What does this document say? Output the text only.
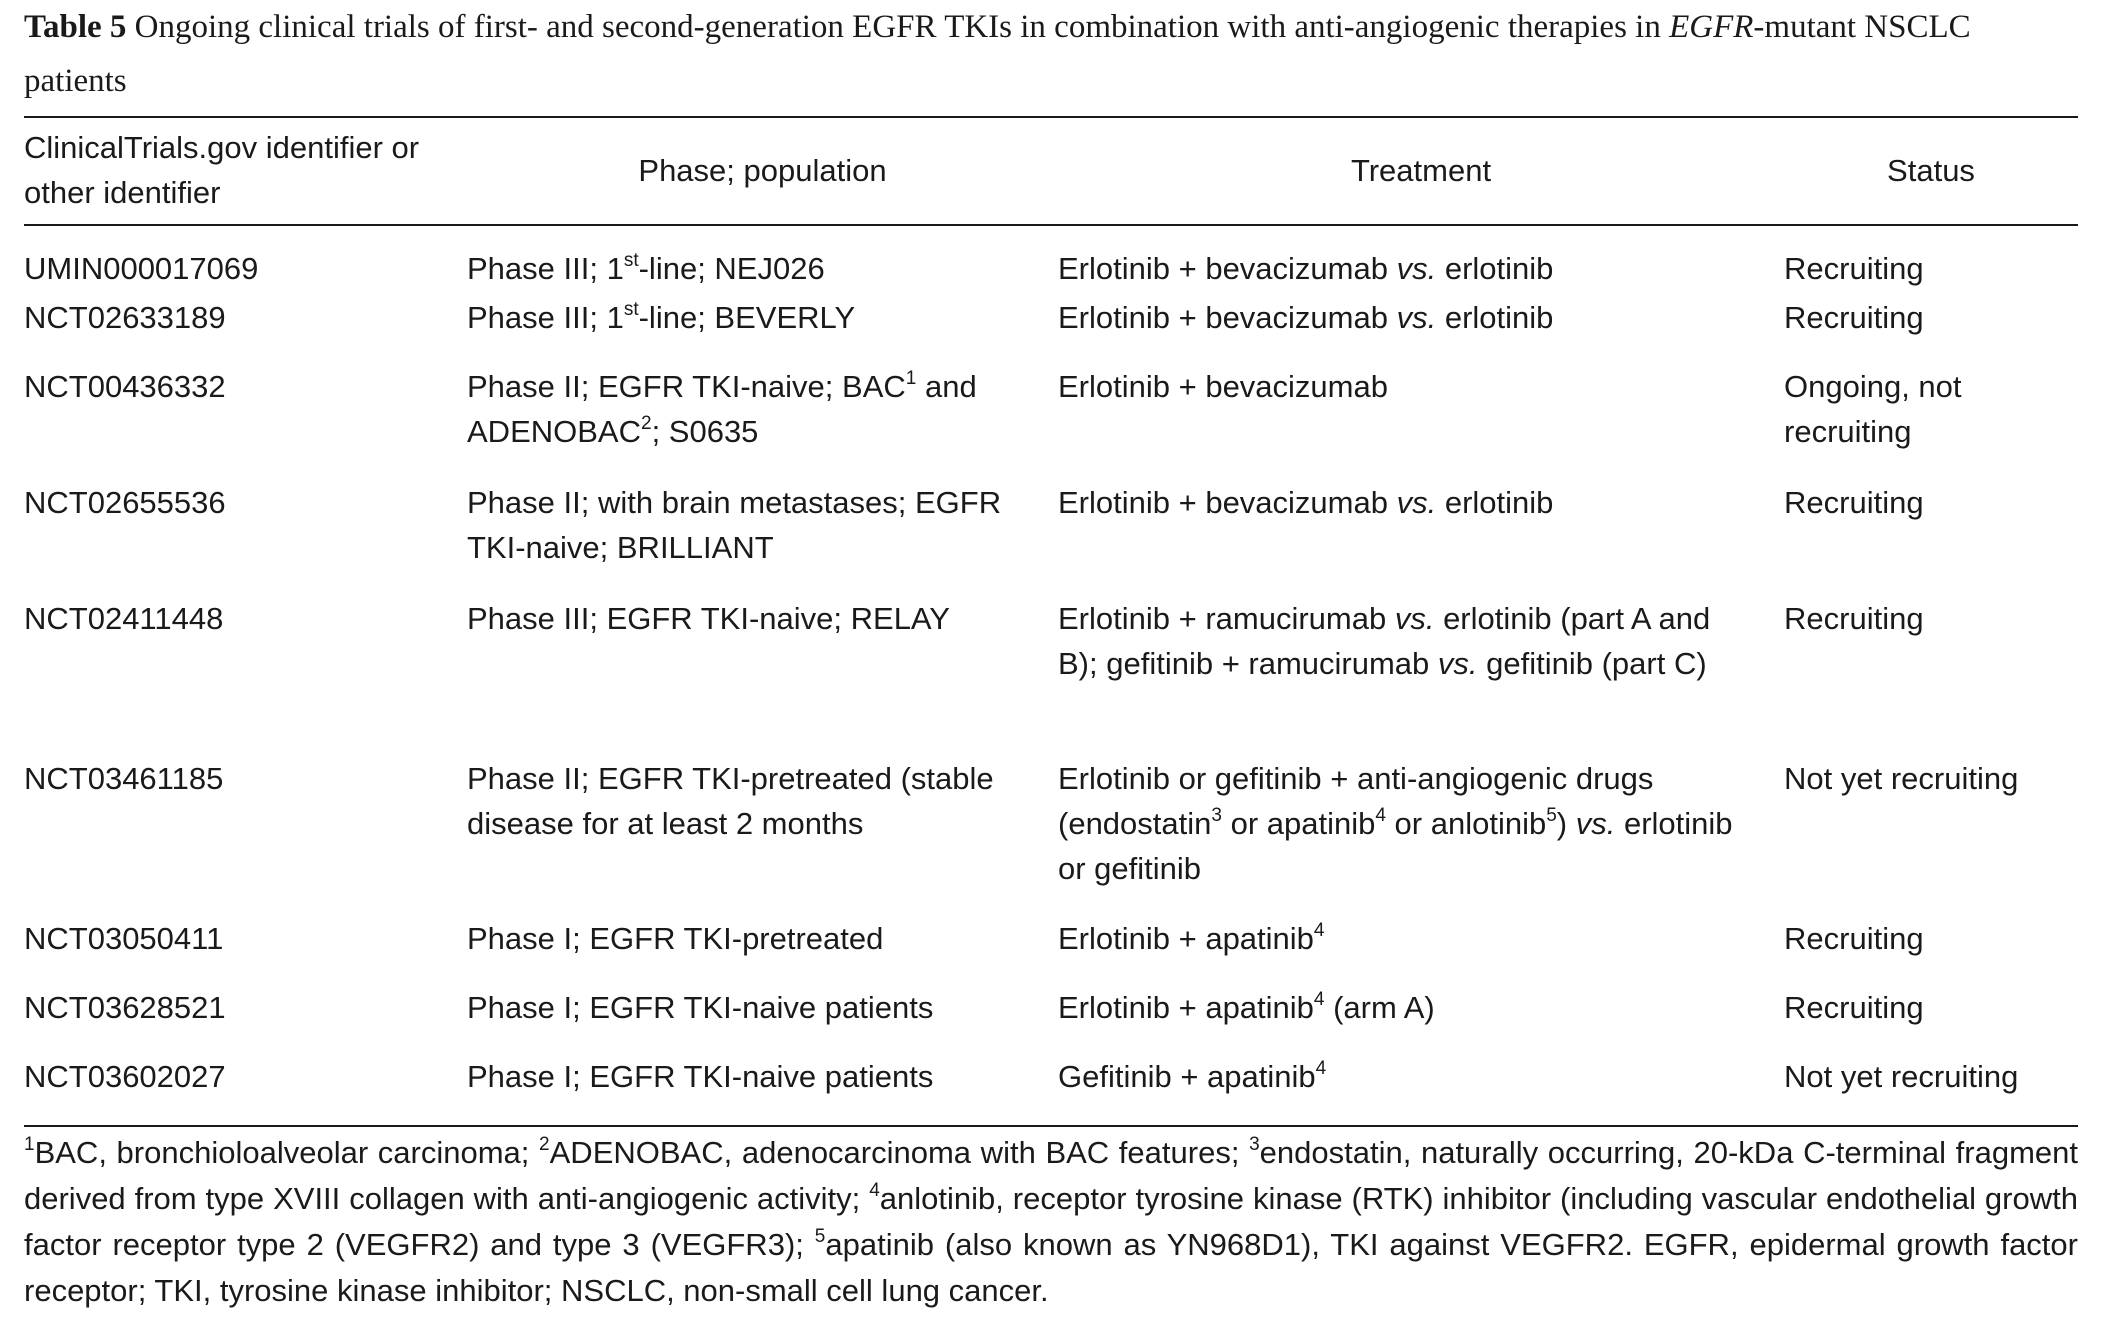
Table 5 Ongoing clinical trials of first- and second-generation EGFR TKIs in combination with anti-angiogenic therapies in EGFR-mutant NSCLC patients

ClinicalTrials.gov identifier or other identifier	Phase; population	Treatment	Status
UMIN000017069	Phase III; 1st-line; NEJ026	Erlotinib + bevacizumab vs. erlotinib	Recruiting
NCT02633189	Phase III; 1st-line; BEVERLY	Erlotinib + bevacizumab vs. erlotinib	Recruiting
NCT00436332	Phase II; EGFR TKI-naive; BAC$^1$ and ADENOBAC$^2$; S0635	Erlotinib + bevacizumab	Ongoing, not recruiting
NCT02655536	Phase II; with brain metastases; EGFR TKI-naive; BRILLIANT	Erlotinib + bevacizumab vs. erlotinib	Recruiting
NCT02411448	Phase III; EGFR TKI-naive; RELAY	Erlotinib + ramucirumab vs. erlotinib (part A and B); gefitinib + ramucirumab vs. gefitinib (part C)	Recruiting
NCT03461185	Phase II; EGFR TKI-pretreated (stable disease for at least 2 months	Erlotinib or gefitinib + anti-angiogenic drugs (endostatin$^3$ or apatinib$^4$ or anlotinib$^5$) vs. erlotinib or gefitinib	Not yet recruiting
NCT03050411	Phase I; EGFR TKI-pretreated	Erlotinib + apatinib$^4$	Recruiting
NCT03628521	Phase I; EGFR TKI-naive patients	Erlotinib + apatinib$^4$ (arm A)	Recruiting
NCT03602027	Phase I; EGFR TKI-naive patients	Gefitinib + apatinib$^4$	Not yet recruiting
$^1$BAC, bronchioloalveolar carcinoma; $^2$ADENOBAC, adenocarcinoma with BAC features; $^3$endostatin, naturally occurring, 20-kDa C-terminal fragment derived from type XVIII collagen with anti-angiogenic activity; $^4$anlotinib, receptor tyrosine kinase (RTK) inhibitor (including vascular endothelial growth factor receptor type 2 (VEGFR2) and type 3 (VEGFR3); $^5$apatinib (also known as YN968D1), TKI against VEGFR2. EGFR, epidermal growth factor receptor; TKI, tyrosine kinase inhibitor; NSCLC, non-small cell lung cancer.
